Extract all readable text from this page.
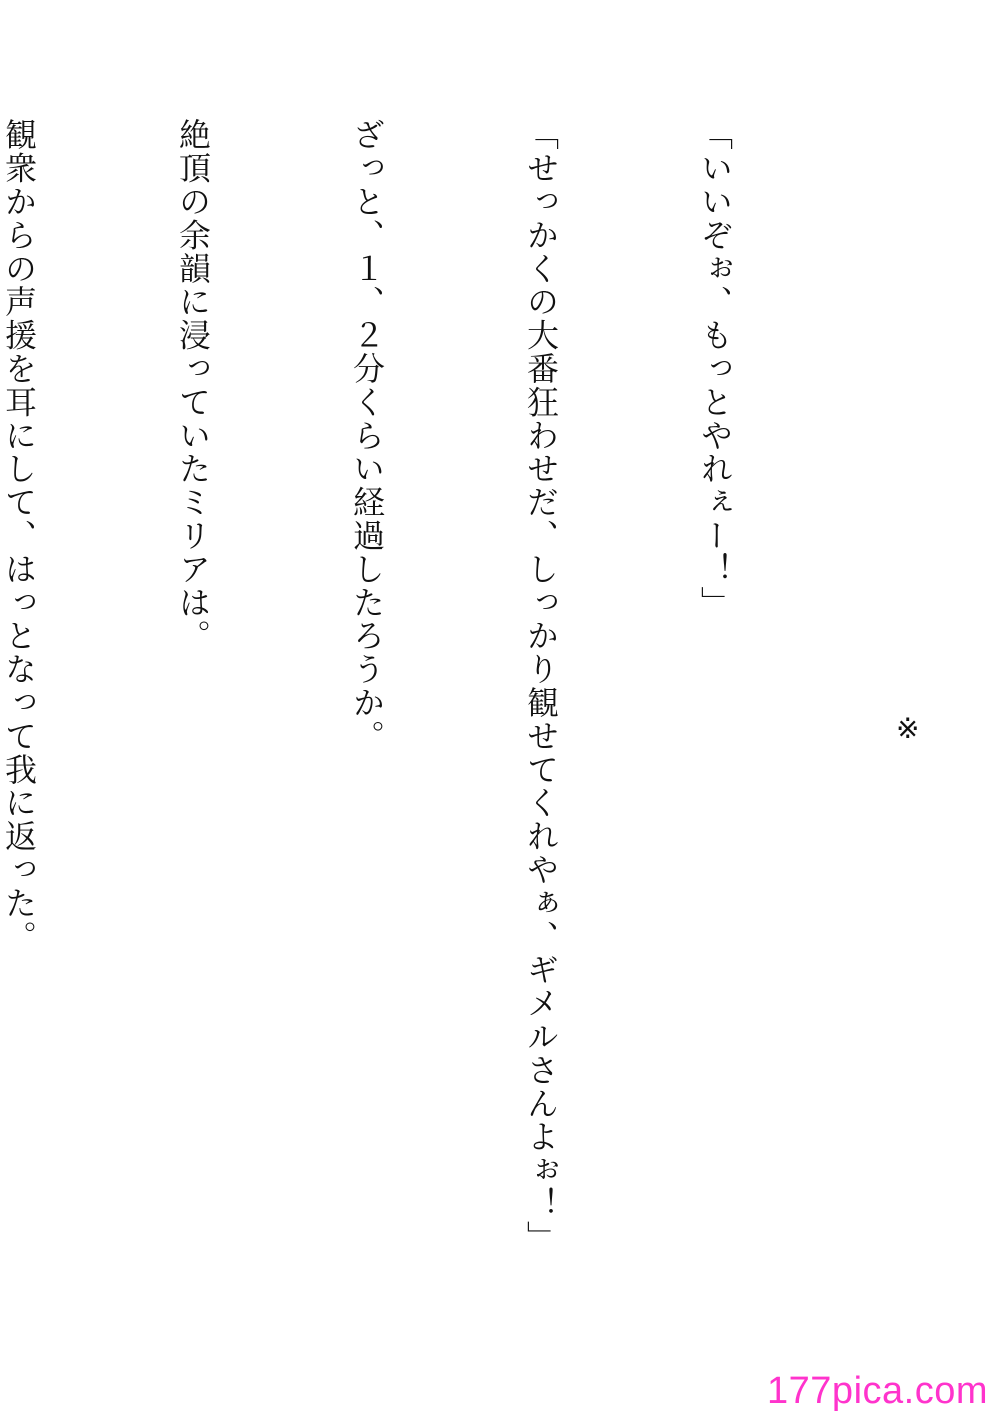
※

「いいぞぉ、もっとやれぇー！」

「せっかくの大番狂わせだ、しっかり観せてくれやぁ、ギメルさんよぉ！」

ざっと、１、２分くらい経過したろうか。

絶頂の余韻に浸っていたミリアは。

観衆からの声援を耳にして、はっとなって我に返った。

177pica.com
